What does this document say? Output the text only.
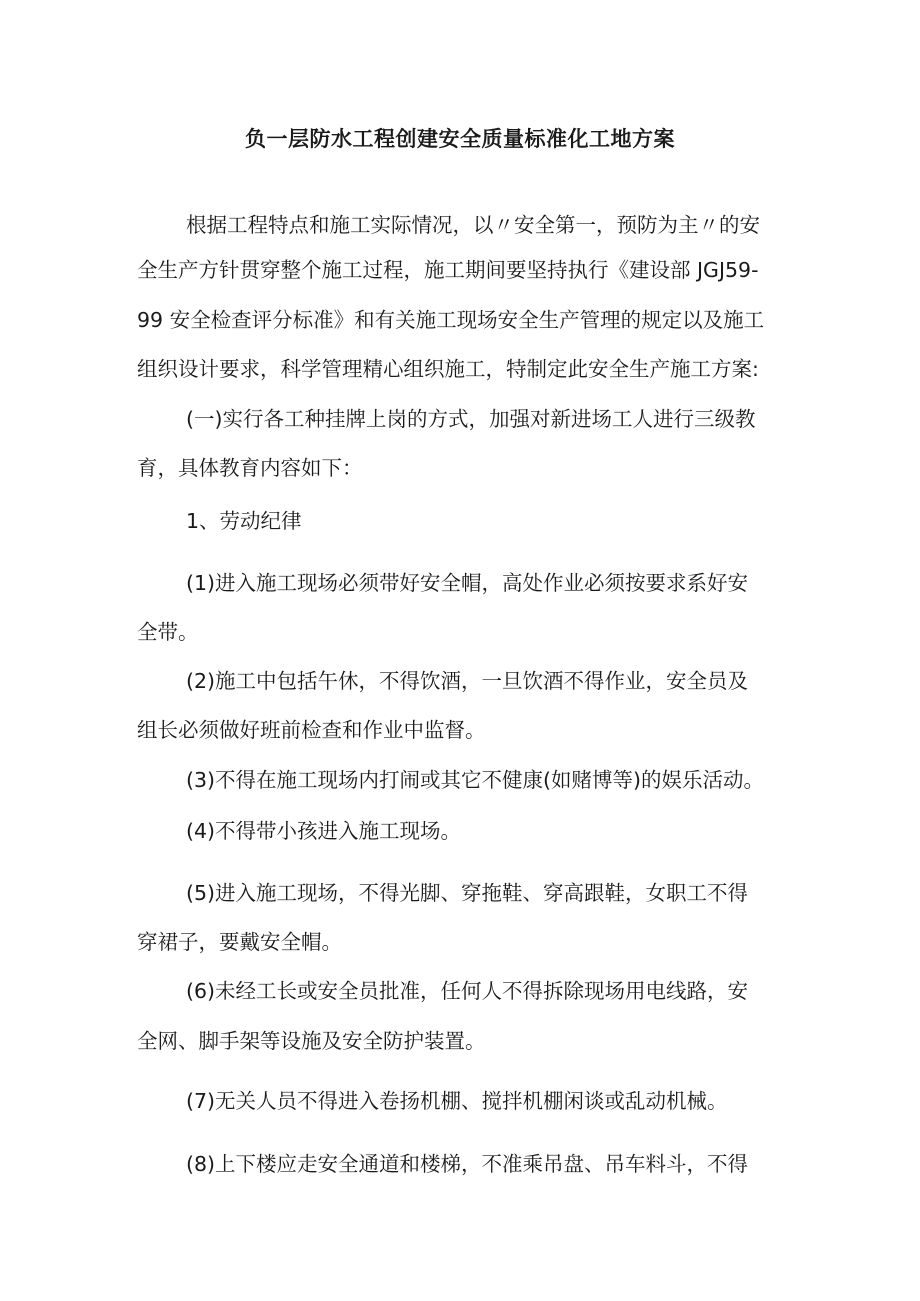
负一层防水工程创建安全质量标准化工地方案
根据工程特点和施工实际情况，以〃安全第一，预防为主〃的安
全生产方针贯穿整个施工过程，施工期间要坚持执行《建设部 JGJ59-
99 安全检查评分标准》和有关施工现场安全生产管理的规定以及施工
组织设计要求，科学管理精心组织施工，特制定此安全生产施工方案:
(一)实行各工种挂牌上岗的方式，加强对新进场工人进行三级教
育，具体教育内容如下：
1、劳动纪律
(1)进入施工现场必须带好安全帽，高处作业必须按要求系好安
全带。
(2)施工中包括午休，不得饮酒，一旦饮酒不得作业，安全员及
组长必须做好班前检查和作业中监督。
(3)不得在施工现场内打闹或其它不健康(如赌博等)的娱乐活动。
(4)不得带小孩进入施工现场。
(5)进入施工现场，不得光脚、穿拖鞋、穿高跟鞋，女职工不得
穿裙子，要戴安全帽。
(6)未经工长或安全员批准，任何人不得拆除现场用电线路，安
全网、脚手架等设施及安全防护装置。
(7)无关人员不得进入卷扬机棚、搅拌机棚闲谈或乱动机械。
(8)上下楼应走安全通道和楼梯，不准乘吊盘、吊车料斗，不得
